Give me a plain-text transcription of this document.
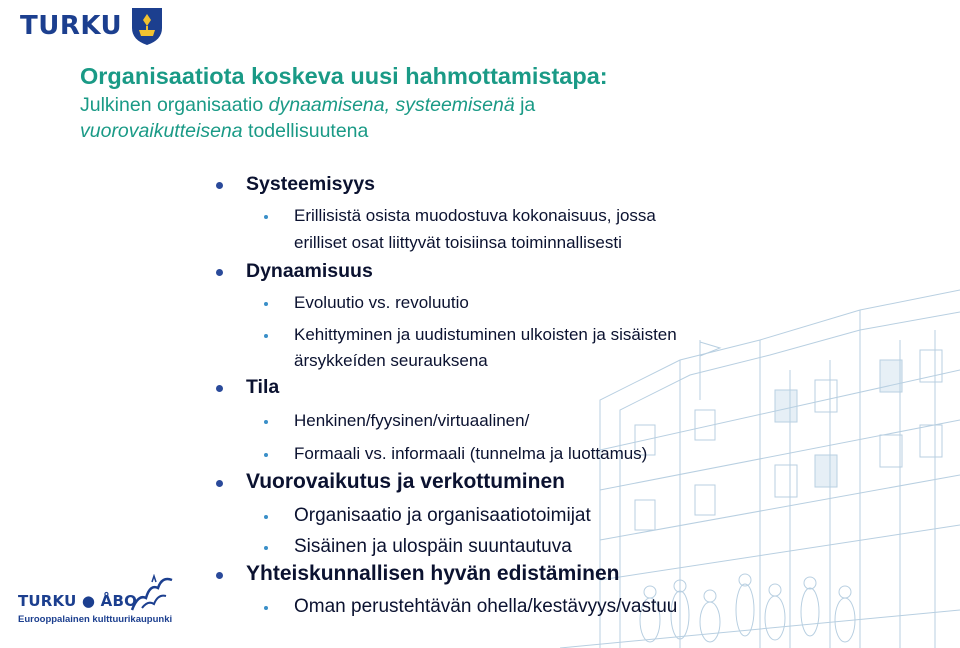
TURKU

Organisaatiota koskeva uusi hahmottamistapa:

Julkinen organisaatio dynaamisena, systeemisenä ja

vuorovaikutteisena todellisuutena

Systeemisyys
Erillisistä osista muodostuva kokonaisuus, jossa
erilliset osat liittyvät toisiinsa toiminnallisesti
Dynaamisuus
Evoluutio vs. revoluutio
Kehittyminen ja uudistuminen ulkoisten ja sisäisten
ärsykkeíden seurauksena
Tila
Henkinen/fyysinen/virtuaalinen/
Formaali vs. informaali (tunnelma ja luottamus)
Vuorovaikutus ja verkottuminen
Organisaatio ja organisaatiotoimijat
Sisäinen ja ulospäin suuntautuva
Yhteiskunnallisen hyvän edistäminen
Oman perustehtävän ohella/kestävyys/vastuu
TURKU ● ÅBO
Eurooppalainen kulttuurikaupunki
